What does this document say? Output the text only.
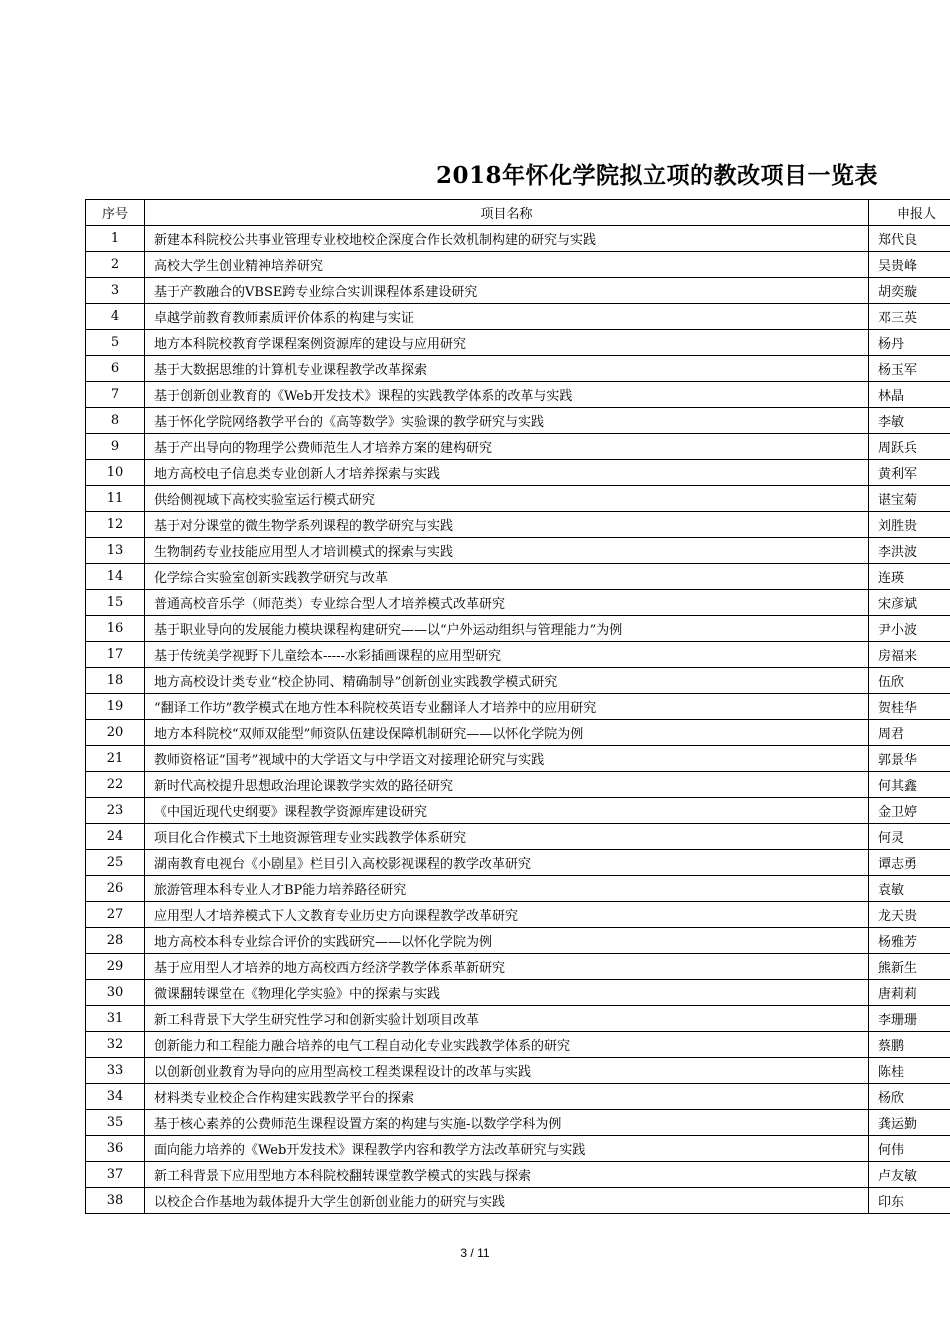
2018年怀化学院拟立项的教改项目一览表
序号	项目名称	申报人
1	新建本科院校公共事业管理专业校地校企深度合作长效机制构建的研究与实践	郑代良
2	高校大学生创业精神培养研究	吴贵峰
3	基于产教融合的VBSE跨专业综合实训课程体系建设研究	胡奕璇
4	卓越学前教育教师素质评价体系的构建与实证	邓三英
5	地方本科院校教育学课程案例资源库的建设与应用研究	杨丹
6	基于大数据思维的计算机专业课程教学改革探索	杨玉军
7	基于创新创业教育的《Web开发技术》课程的实践教学体系的改革与实践	林晶
8	基于怀化学院网络教学平台的《高等数学》实验课的教学研究与实践	李敏
9	基于产出导向的物理学公费师范生人才培养方案的建构研究	周跃兵
10	地方高校电子信息类专业创新人才培养探索与实践	黄利军
11	供给侧视域下高校实验室运行模式研究	谌宝菊
12	基于对分课堂的微生物学系列课程的教学研究与实践	刘胜贵
13	生物制药专业技能应用型人才培训模式的探索与实践	李洪波
14	化学综合实验室创新实践教学研究与改革	连瑛
15	普通高校音乐学（师范类）专业综合型人才培养模式改革研究	宋彦斌
16	基于职业导向的发展能力模块课程构建研究——以“户外运动组织与管理能力”为例	尹小波
17	基于传统美学视野下儿童绘本-----水彩插画课程的应用型研究	房福来
18	地方高校设计类专业“校企协同、精确制导”创新创业实践教学模式研究	伍欣
19	“翻译工作坊”教学模式在地方性本科院校英语专业翻译人才培养中的应用研究	贺桂华
20	地方本科院校“双师双能型”师资队伍建设保障机制研究——以怀化学院为例	周君
21	教师资格证“国考”视域中的大学语文与中学语文对接理论研究与实践	郭景华
22	新时代高校提升思想政治理论课教学实效的路径研究	何其鑫
23	《中国近现代史纲要》课程教学资源库建设研究	金卫婷
24	项目化合作模式下土地资源管理专业实践教学体系研究	何灵
25	湖南教育电视台《小剧星》栏目引入高校影视课程的教学改革研究	谭志勇
26	旅游管理本科专业人才BP能力培养路径研究	袁敏
27	应用型人才培养模式下人文教育专业历史方向课程教学改革研究	龙天贵
28	地方高校本科专业综合评价的实践研究——以怀化学院为例	杨雅芳
29	基于应用型人才培养的地方高校西方经济学教学体系革新研究	熊新生
30	微课翻转课堂在《物理化学实验》中的探索与实践	唐莉莉
31	新工科背景下大学生研究性学习和创新实验计划项目改革	李珊珊
32	创新能力和工程能力融合培养的电气工程自动化专业实践教学体系的研究	蔡鹏
33	以创新创业教育为导向的应用型高校工程类课程设计的改革与实践	陈桂
34	材料类专业校企合作构建实践教学平台的探索	杨欣
35	基于核心素养的公费师范生课程设置方案的构建与实施-以数学学科为例	龚运勤
36	面向能力培养的《Web开发技术》课程教学内容和教学方法改革研究与实践	何伟
37	新工科背景下应用型地方本科院校翻转课堂教学模式的实践与探索	卢友敏
38	以校企合作基地为载体提升大学生创新创业能力的研究与实践	印东
3 / 11
